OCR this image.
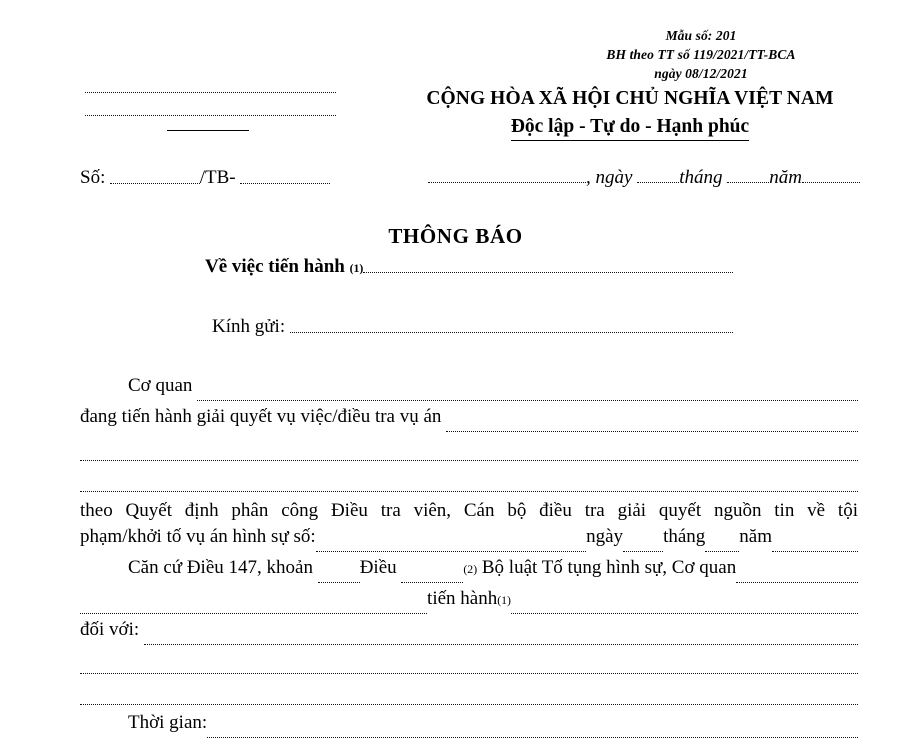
Mẫu số: 201
BH theo TT số 119/2021/TT-BCA
ngày 08/12/2021
Số:	/TB-
CỘNG HÒA XÃ HỘI CHỦ NGHĨA VIỆT NAM
Độc lập - Tự do - Hạnh phúc
, ngày tháng năm
THÔNG BÁO
Về việc tiến hành (1)
Kính gửi:
Cơ quan
đang tiến hành giải quyết vụ việc/điều tra vụ án
theo Quyết định phân công Điều tra viên, Cán bộ điều tra giải quyết nguồn tin về tội
phạm/khởi tố vụ án hình sự số:	ngày tháng năm
Căn cứ Điều 147, khoản Điều	(2) Bộ luật Tố tụng hình sự, Cơ quan
tiến hành (1)
đối với:
Thời gian:
